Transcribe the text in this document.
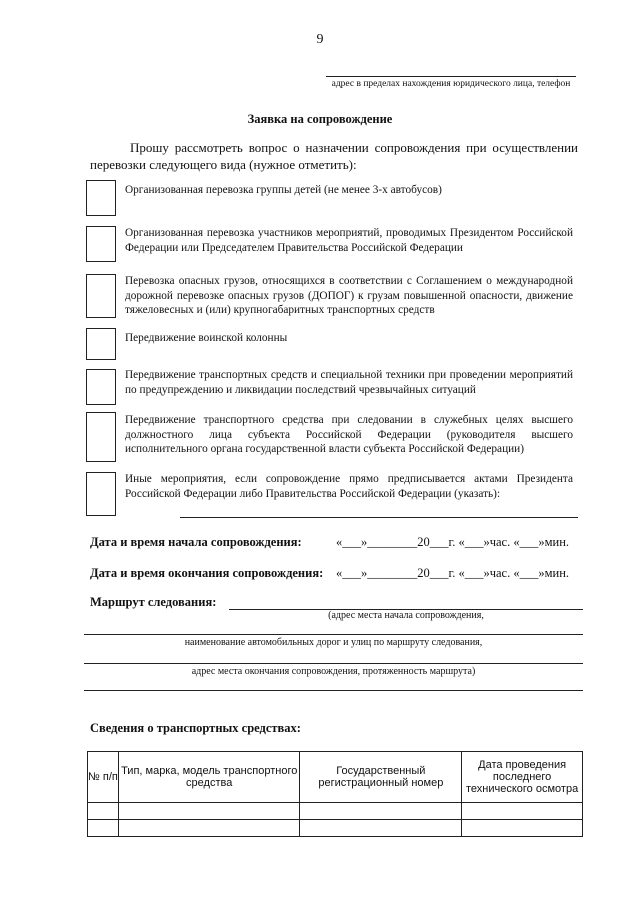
9
адрес в пределах нахождения юридического лица, телефон
Заявка на сопровождение
Прошу рассмотреть вопрос о назначении сопровождения при осуществлении перевозки следующего вида (нужное отметить):
Организованная перевозка группы детей (не менее 3-х автобусов)
Организованная перевозка участников мероприятий, проводимых Президентом Российской Федерации или Председателем Правительства Российской Федерации
Перевозка опасных грузов, относящихся в соответствии с Соглашением о международной дорожной перевозке опасных грузов (ДОПОГ) к грузам повышенной опасности, движение тяжеловесных и (или) крупногабаритных транспортных средств
Передвижение воинской колонны
Передвижение транспортных средств и специальной техники при проведении мероприятий по предупреждению и ликвидации последствий чрезвычайных ситуаций
Передвижение транспортного средства при следовании в служебных целях высшего должностного лица субъекта Российской Федерации (руководителя высшего исполнительного органа государственной власти субъекта Российской Федерации)
Иные мероприятия, если сопровождение прямо предписывается актами Президента Российской Федерации либо Правительства Российской Федерации (указать):
Дата и время начала сопровождения:	«___»________20___г. «___»час. «___»мин.
Дата и время окончания сопровождения: «___»________20___г. «___»час. «___»мин.
Маршрут следования:
(адрес места начала сопровождения,
наименование автомобильных дорог и улиц по маршруту следования,
адрес места окончания сопровождения, протяженность маршрута)
Сведения о транспортных средствах:
№ п/п	Тип, марка, модель транспортного средства	Государственный регистрационный номер	Дата проведения последнего технического осмотра
